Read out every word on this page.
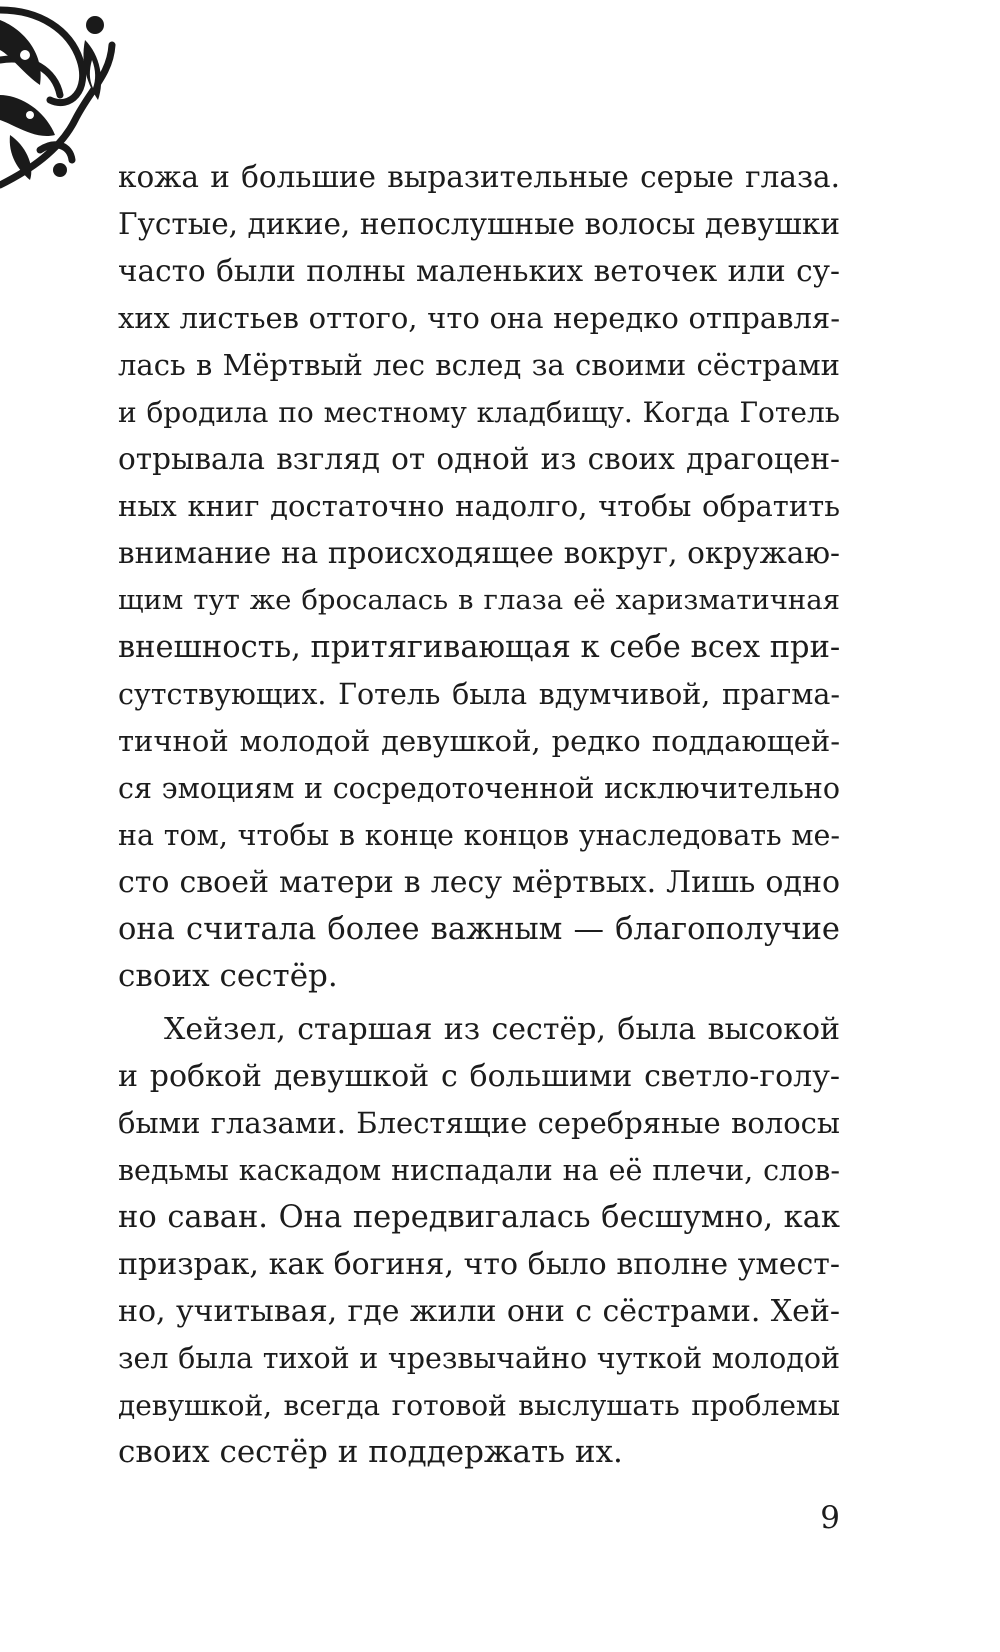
кожа и большие выразительные серые глаза.
Густые, дикие, непослушные волосы девушки
часто были полны маленьких веточек или су-
хих листьев оттого, что она нередко отправля-
лась в Мёртвый лес вслед за своими сёстрами
и бродила по местному кладбищу. Когда Готель
отрывала взгляд от одной из своих драгоцен-
ных книг достаточно надолго, чтобы обратить
внимание на происходящее вокруг, окружаю-
щим тут же бросалась в глаза её харизматичная
внешность, притягивающая к себе всех при-
сутствующих. Готель была вдумчивой, прагма-
тичной молодой девушкой, редко поддающей-
ся эмоциям и сосредоточенной исключительно
на том, чтобы в конце концов унаследовать ме-
сто своей матери в лесу мёртвых. Лишь одно
она считала более важным — благополучие
своих сестёр.
Хейзел, старшая из сестёр, была высокой
и робкой девушкой с большими светло-голу-
быми глазами. Блестящие серебряные волосы
ведьмы каскадом ниспадали на её плечи, слов-
но саван. Она передвигалась бесшумно, как
призрак, как богиня, что было вполне умест-
но, учитывая, где жили они с сёстрами. Хей-
зел была тихой и чрезвычайно чуткой молодой
девушкой, всегда готовой выслушать проблемы
своих сестёр и поддержать их.
9
